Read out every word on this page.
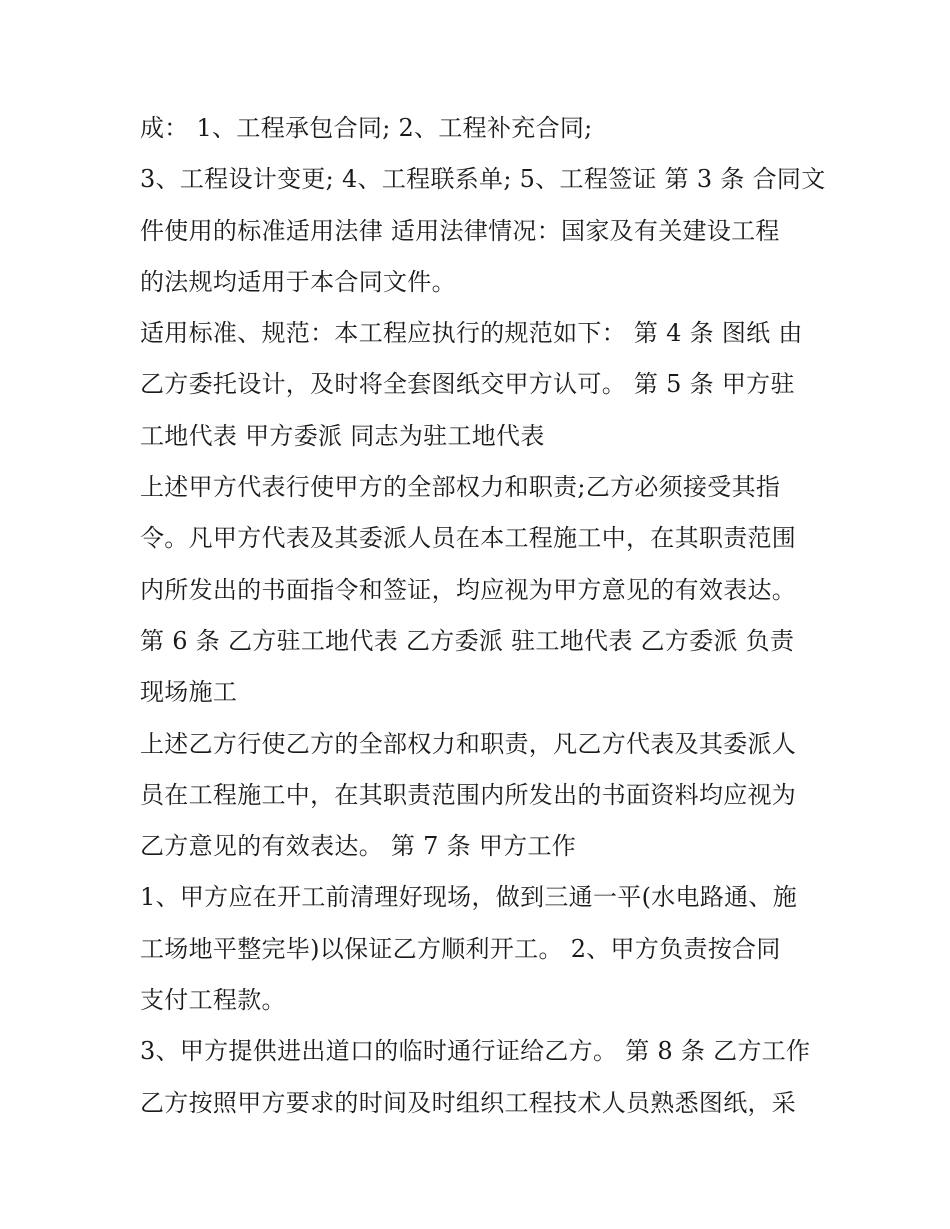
成： 1、工程承包合同; 2、工程补充合同;
3、工程设计变更; 4、工程联系单; 5、工程签证 第 3 条 合同文
件使用的标准适用法律 适用法律情况：国家及有关建设工程
的法规均适用于本合同文件。
适用标准、规范：本工程应执行的规范如下： 第 4 条 图纸 由
乙方委托设计，及时将全套图纸交甲方认可。 第 5 条 甲方驻
工地代表 甲方委派 同志为驻工地代表
上述甲方代表行使甲方的全部权力和职责;乙方必须接受其指
令。凡甲方代表及其委派人员在本工程施工中，在其职责范围
内所发出的书面指令和签证，均应视为甲方意见的有效表达。
第 6 条 乙方驻工地代表 乙方委派 驻工地代表 乙方委派 负责
现场施工
上述乙方行使乙方的全部权力和职责，凡乙方代表及其委派人
员在工程施工中，在其职责范围内所发出的书面资料均应视为
乙方意见的有效表达。 第 7 条 甲方工作
1、甲方应在开工前清理好现场，做到三通一平(水电路通、施
工场地平整完毕)以保证乙方顺利开工。 2、甲方负责按合同
支付工程款。
3、甲方提供进出道口的临时通行证给乙方。 第 8 条 乙方工作
乙方按照甲方要求的时间及时组织工程技术人员熟悉图纸，采
